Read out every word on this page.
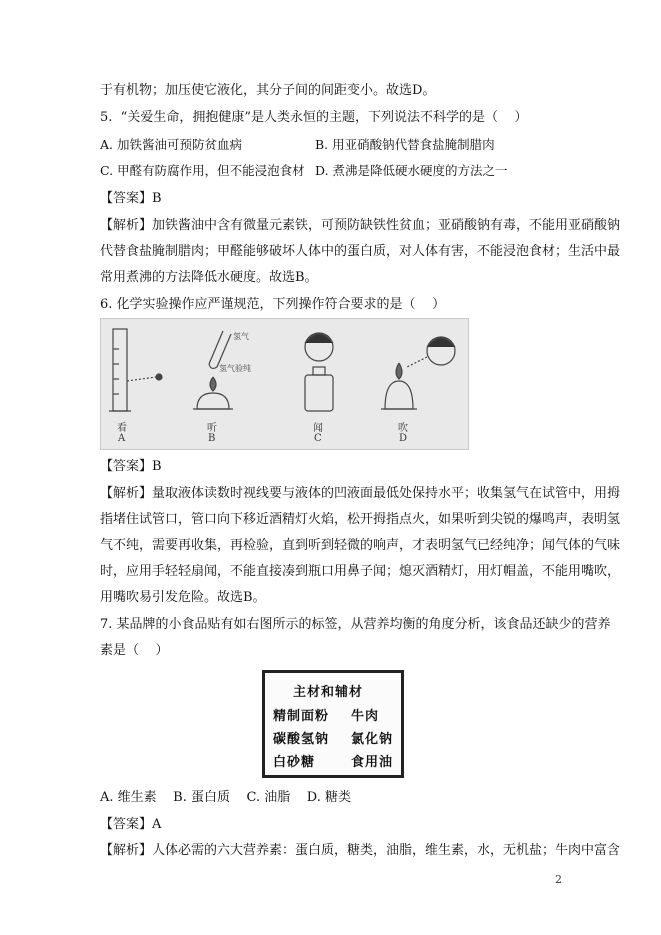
于有机物；加压使它液化，其分子间的间距变小。故选D。
5.  “关爱生命，拥抱健康”是人类永恒的主题，下列说法不科学的是（    ）
A. 加铁酱油可预防贫血病	B. 用亚硝酸钠代替食盐腌制腊肉
C. 甲醛有防腐作用，但不能浸泡食材 D. 煮沸是降低硬水硬度的方法之一
【答案】B
【解析】加铁酱油中含有微量元素铁，可预防缺铁性贫血；亚硝酸钠有毒，不能用亚硝酸钠
代替食盐腌制腊肉；甲醛能够破坏人体中的蛋白质，对人体有害，不能浸泡食材；生活中最
常用煮沸的方法降低水硬度。故选B。
6. 化学实验操作应严谨规范，下列操作符合要求的是（    ）
氢气
氢气验纯
看
A
听
B
闻
C
吹
D
【答案】B
【解析】量取液体读数时视线要与液体的凹液面最低处保持水平；收集氢气在试管中，用拇
指堵住试管口，管口向下移近酒精灯火焰，松开拇指点火，如果听到尖锐的爆鸣声，表明氢
气不纯，需要再收集，再检验，直到听到轻微的响声，才表明氢气已经纯净；闻气体的气味
时，应用手轻轻扇闻，不能直接凑到瓶口用鼻子闻；熄灭酒精灯，用灯帽盖，不能用嘴吹，
用嘴吹易引发危险。故选B。
7. 某品牌的小食品贴有如右图所示的标签，从营养均衡的角度分析，该食品还缺少的营养
素是（    ）
主材和辅材
精制面粉 牛肉
碳酸氢钠 氯化钠
白砂糖	食用油
A. 维生素    B. 蛋白质    C. 油脂    D. 糖类
【答案】A
【解析】人体必需的六大营养素：蛋白质，糖类，油脂，维生素，水，无机盐；牛肉中富含
2
